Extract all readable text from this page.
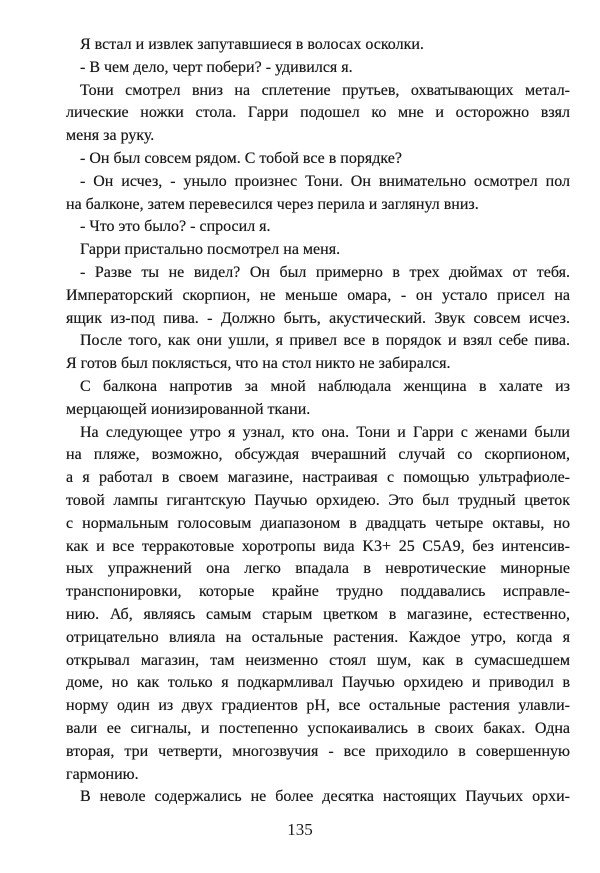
Я встал и извлек запутавшиеся в волосах осколки.
- В чем дело, черт побери? - удивился я.
Тони смотрел вниз на сплетение прутьев, охватывающих метал-
лические ножки стола. Гарри подошел ко мне и осторожно взял
меня за руку.
- Он был совсем рядом. С тобой все в порядке?
- Он исчез, - уныло произнес Тони. Он внимательно осмотрел пол
на балконе, затем перевесился через перила и заглянул вниз.
- Что это было? - спросил я.
Гарри пристально посмотрел на меня.
- Разве ты не видел? Он был примерно в трех дюймах от тебя.
Императорский скорпион, не меньше омара, - он устало присел на
ящик из-под пива. - Должно быть, акустический. Звук совсем исчез.
После того, как они ушли, я привел все в порядок и взял себе пива.
Я готов был поклясться, что на стол никто не забирался.
С балкона напротив за мной наблюдала женщина в халате из
мерцающей ионизированной ткани.
На следующее утро я узнал, кто она. Тони и Гарри с женами были
на пляже, возможно, обсуждая вчерашний случай со скорпионом,
а я работал в своем магазине, настраивая с помощью ультрафиоле-
товой лампы гигантскую Паучью орхидею. Это был трудный цветок
с нормальным голосовым диапазоном в двадцать четыре октавы, но
как и все терракотовые хоротропы вида K3+ 25 C5A9, без интенсив-
ных упражнений она легко впадала в невротические минорные
транспонировки, которые крайне трудно поддавались исправле-
нию. Аб, являясь самым старым цветком в магазине, естественно,
отрицательно влияла на остальные растения. Каждое утро, когда я
открывал магазин, там неизменно стоял шум, как в сумасшедшем
доме, но как только я подкармливал Паучью орхидею и приводил в
норму один из двух градиентов pH, все остальные растения улавли-
вали ее сигналы, и постепенно успокаивались в своих баках. Одна
вторая, три четверти, многозвучия - все приходило в совершенную
гармонию.
В неволе содержались не более десятка настоящих Паучьих орхи-
135
